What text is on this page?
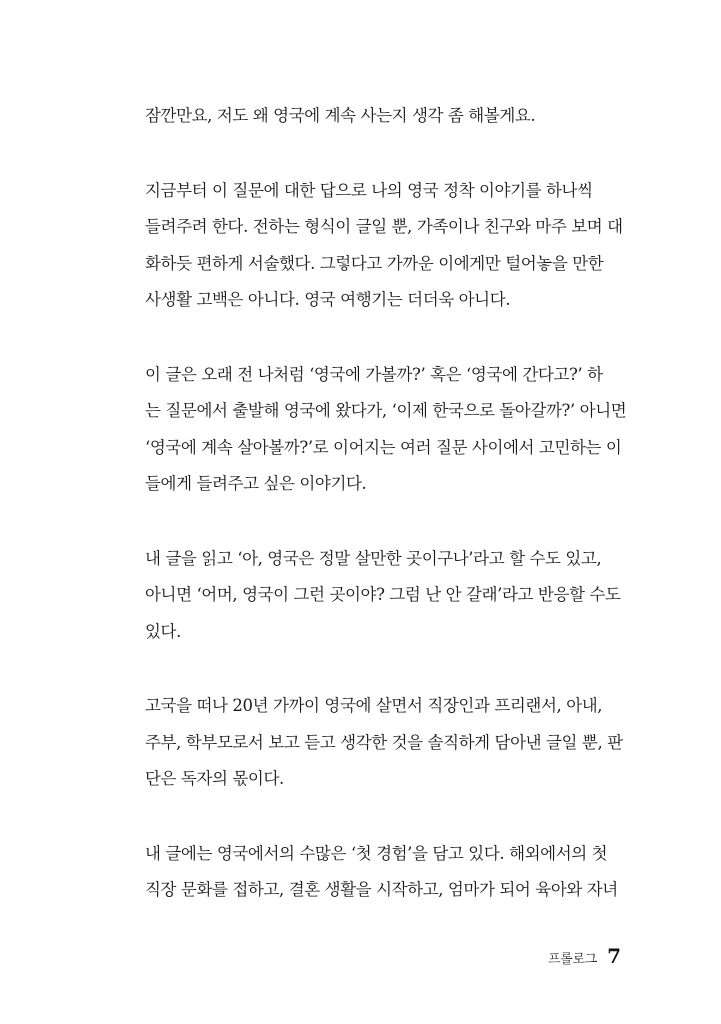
잠깐만요, 저도 왜 영국에 계속 사는지 생각 좀 해볼게요.

지금부터 이 질문에 대한 답으로 나의 영국 정착 이야기를 하나씩
들려주려 한다. 전하는 형식이 글일 뿐, 가족이나 친구와 마주 보며 대
화하듯 편하게 서술했다. 그렇다고 가까운 이에게만 털어놓을 만한
사생활 고백은 아니다. 영국 여행기는 더더욱 아니다.

이 글은 오래 전 나처럼 ‘영국에 가볼까?’ 혹은 ‘영국에 간다고?’ 하
는 질문에서 출발해 영국에 왔다가, ‘이제 한국으로 돌아갈까?’ 아니면
‘영국에 계속 살아볼까?’로 이어지는 여러 질문 사이에서 고민하는 이
들에게 들려주고 싶은 이야기다.

내 글을 읽고 ‘아, 영국은 정말 살만한 곳이구나’라고 할 수도 있고,
아니면 ‘어머, 영국이 그런 곳이야? 그럼 난 안 갈래’라고 반응할 수도
있다.

고국을 떠나 20년 가까이 영국에 살면서 직장인과 프리랜서, 아내,
주부, 학부모로서 보고 듣고 생각한 것을 솔직하게 담아낸 글일 뿐, 판
단은 독자의 몫이다.

내 글에는 영국에서의 수많은 ‘첫 경험’을 담고 있다. 해외에서의 첫
직장 문화를 접하고, 결혼 생활을 시작하고, 엄마가 되어 육아와 자녀

프롤로그 7
